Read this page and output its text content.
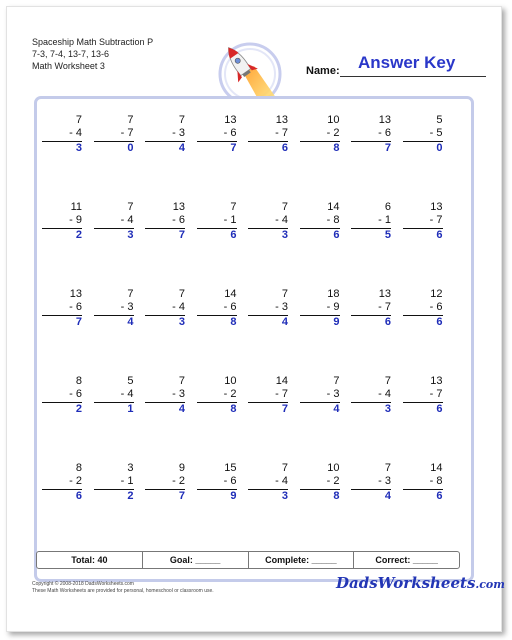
Spaceship Math Subtraction P
7-3, 7-4, 13-7, 13-6
Math Worksheet 3	Name: Answer Key
7
- 4
3
7
- 7
0
7
- 3
4
13
- 6
7
13
- 7
6
10
- 2
8
13
- 6
7
5
- 5
0
11
- 9
2
7
- 4
3
13
- 6
7
7
- 1
6
7
- 4
3
14
- 8
6
6
- 1
5
13
- 7
6
13
- 6
7
7
- 3
4
7
- 4
3
14
- 6
8
7
- 3
4
18
- 9
9
13
- 7
6
12
- 6
6
8
- 6
2
5
- 4
1
7
- 3
4
10
- 2
8
14
- 7
7
7
- 3
4
7
- 4
3
13
- 7
6
8
- 2
6
3
- 1
2
9
- 2
7
15
- 6
9
7
- 4
3
10
- 2
8
7
- 3
4
14
- 8
6
Total: 40	Goal: _____	Complete: _____	Correct: _____
Copyright © 2008-2018 DadsWorksheets.com
These Math Worksheets are provided for personal, homeschool or classroom use.	DadsWorksheets.com
